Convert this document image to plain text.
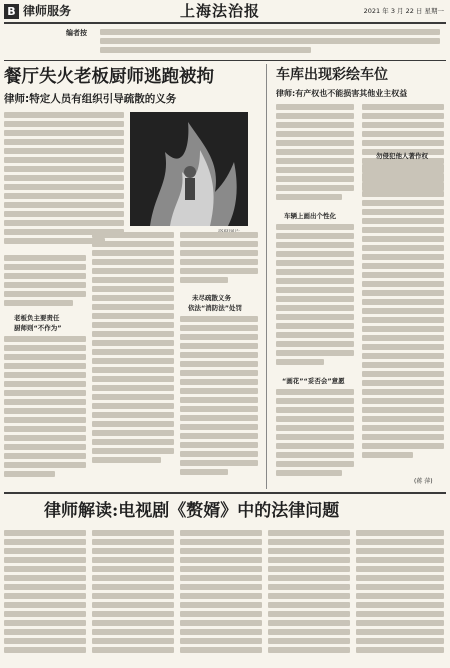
B 律师服务	上海法治报	2021 年 3 月 22 日 星期一
编者按
餐厅失火老板厨师逃跑被拘
律师:特定人员有组织引导疏散的义务
老板负主要责任
厨师则“不作为”
未尽疏散义务
依法“消防法”处罚
车库出现彩绘车位
律师:有产权也不能损害其他业主权益
车辆上画出个性化
“画花”“妥否会”意愿
勿侵犯他人著作权
(蒋 萍)
律师解读:电视剧《赘婿》中的法律问题
